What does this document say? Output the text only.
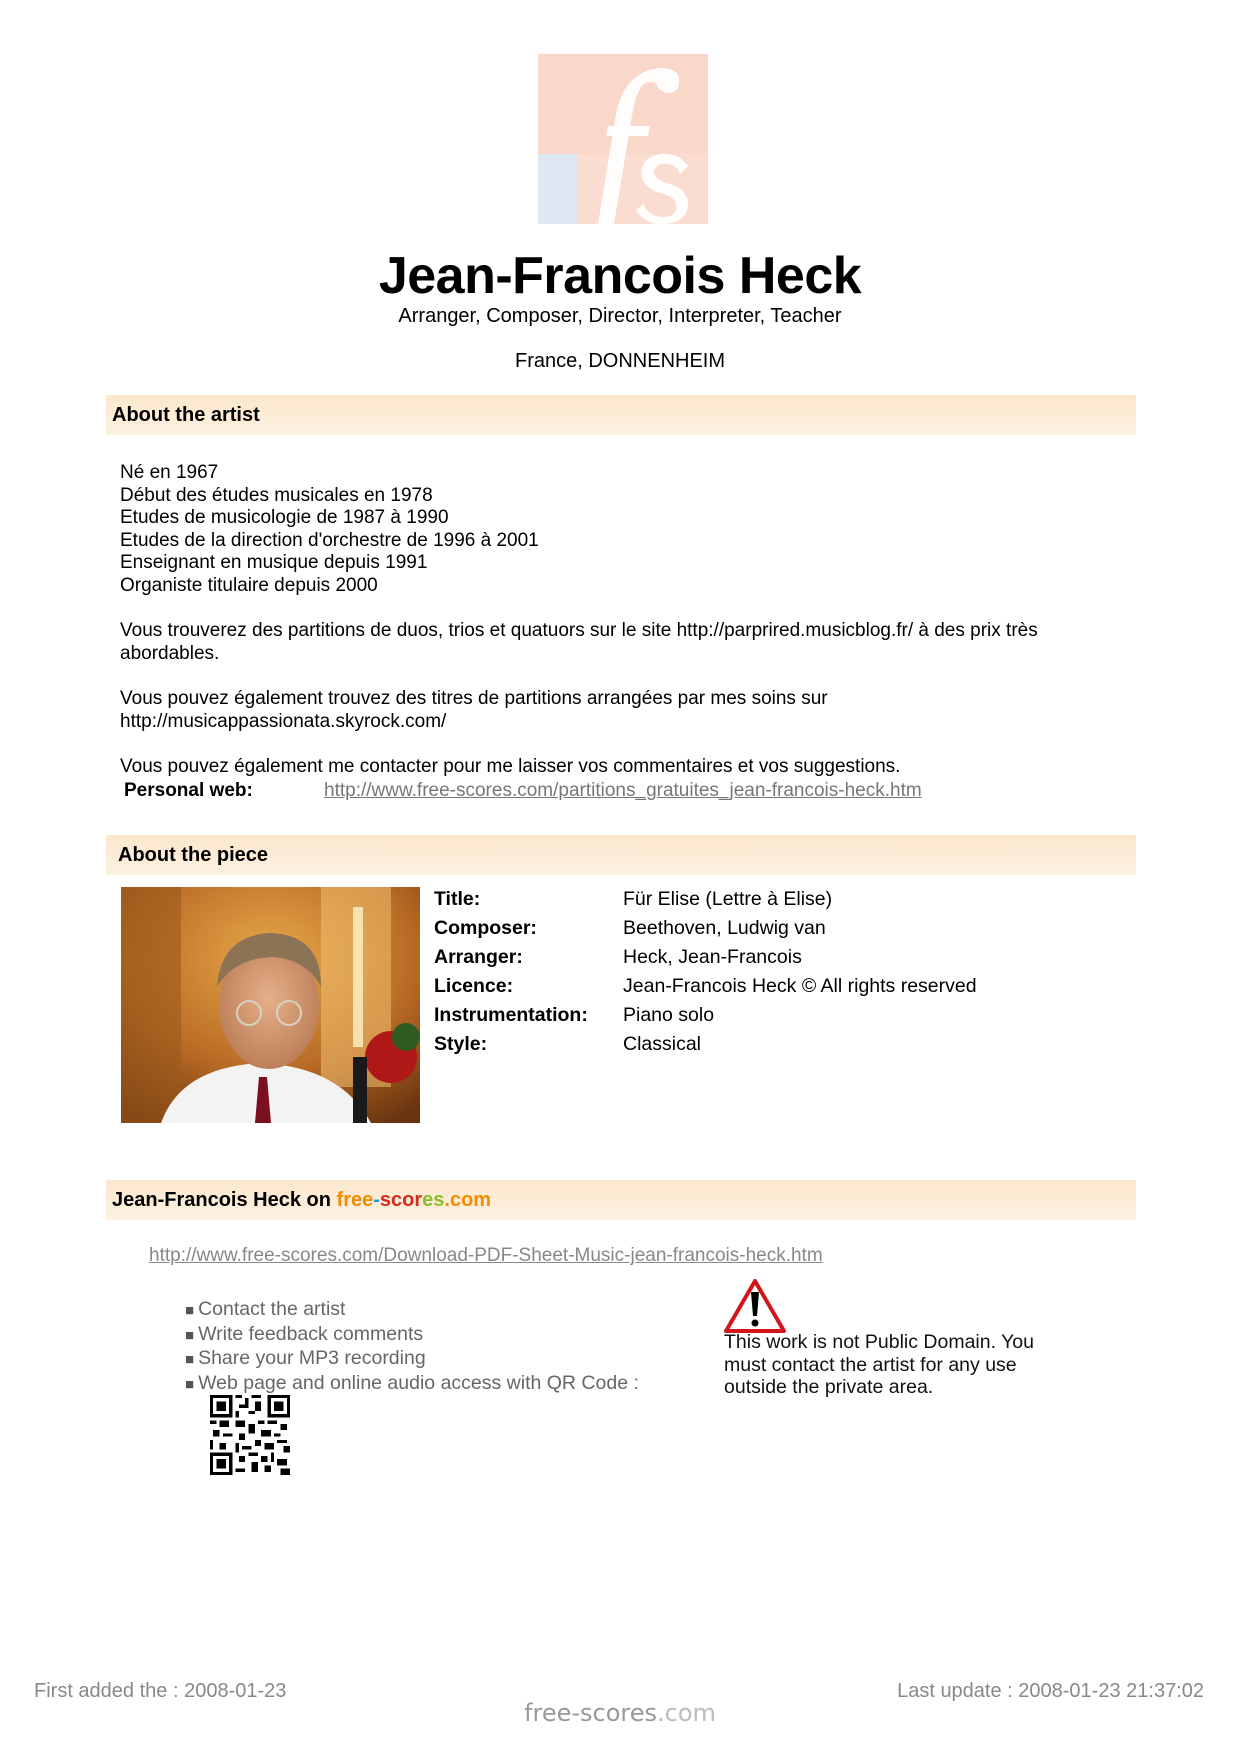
Jean-Francois Heck
Arranger, Composer, Director, Interpreter, Teacher
France, DONNENHEIM
About the artist

Né en 1967
Début des études musicales en 1978
Etudes de musicologie de 1987 à 1990
Etudes de la direction d'orchestre de 1996 à 2001
Enseignant en musique depuis 1991
Organiste titulaire depuis 2000

Vous trouverez des partitions de duos, trios et quatuors sur le site http://parprired.musicblog.fr/ à des prix très abordables.

Vous pouvez également trouvez des titres de partitions arrangées par mes soins sur
http://musicappassionata.skyrock.com/

Vous pouvez également me contacter pour me laisser vos commentaires et vos suggestions.

Personal web:	http://www.free-scores.com/partitions_gratuites_jean-francois-heck.htm
About the piece
Title:	Für Elise (Lettre à Elise)
Composer:	Beethoven, Ludwig van
Arranger:	Heck, Jean-Francois
Licence:	Jean-Francois Heck © All rights reserved
Instrumentation: Piano solo
Style:	Classical
Jean-Francois Heck on free-scores.com
http://www.free-scores.com/Download-PDF-Sheet-Music-jean-francois-heck.htm
■ Contact the artist
■ Write feedback comments
■ Share your MP3 recording
■ Web page and online audio access with QR Code :
This work is not Public Domain. You must contact the artist for any use outside the private area.
First added the : 2008-01-23	Last update : 2008-01-23 21:37:02
free-scores.com
